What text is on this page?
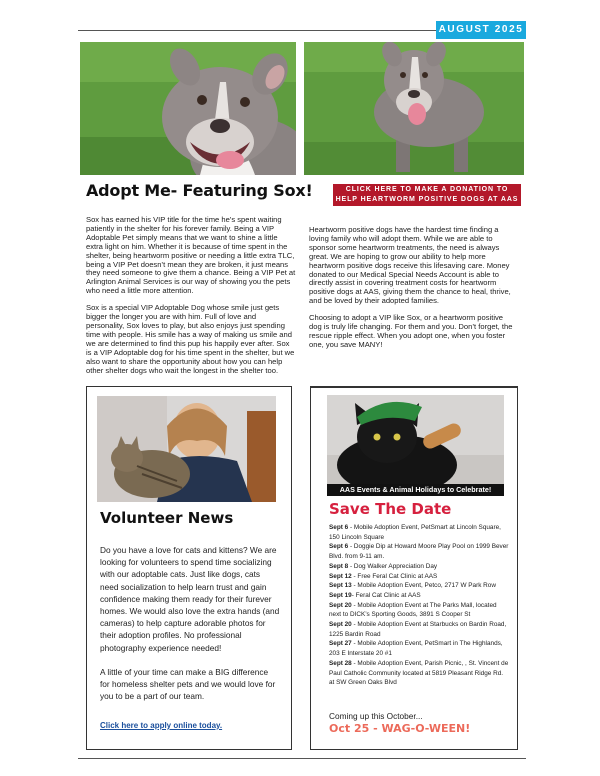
AUGUST 2025
Adopt Me- Featuring Sox!	CLICK HERE TO MAKE A DONATION TO
HELP HEARTWORM POSITIVE DOGS AT AAS

Sox has earned his VIP title for the time he’s spent waiting patiently in the shelter for his forever family. Being a VIP Adoptable Pet simply means that we want to shine a little extra light on him. Whether it is because of time spent in the shelter, being heartworm positive or needing a little extra TLC, being a VIP Pet doesn’t mean they are broken, it just means they need someone to give them a chance. Being a VIP Pet at Arlington Animal Services is our way of showing you the pets who need a little more attention.

Sox is a special VIP Adoptable Dog whose smile just gets bigger the longer you are with him. Full of love and personality, Sox loves to play, but also enjoys just spending time with people. His smile has a way of making us smile and we are determined to find this pup his happily ever after. Sox is a VIP Adoptable dog for his time spent in the shelter, but we also want to share the opportunity about how you can help other shelter dogs who wait the longest in the shelter too.

Heartworm positive dogs have the hardest time finding a loving family who will adopt them. While we are able to sponsor some heartworm treatments, the need is always great. We are hoping to grow our ability to help more heartworm positive dogs receive this lifesaving care. Money donated to our Medical Special Needs Account is able to directly assist in covering treatment costs for heartworm positive dogs at AAS, giving them the chance to heal, thrive, and be loved by their adopted families.

Choosing to adopt a VIP like Sox, or a heartworm positive dog is truly life changing. For them and you. Don’t forget, the rescue ripple effect. When you adopt one, when you foster one, you save MANY!

Volunteer News

Do you have a love for cats and kittens? We are looking for volunteers to spend time socializing with our adoptable cats. Just like dogs, cats need socialization to help learn trust and gain confidence making them ready for their furever homes. We would also love the extra hands (and cameras) to help capture adorable photos for their adoption profiles. No professional photography experience needed!

A little of your time can make a BIG difference for homeless shelter pets and we would love for you to be a part of our team.

Click here to apply online today.
AAS Events & Animal Holidays to Celebrate!
Save The Date
Sept 6 - Mobile Adoption Event, PetSmart at Lincoln Square, 150 Lincoln Square
Sept 6 - Doggie Dip at Howard Moore Play Pool on 1999 Bever Blvd. from 9-11 am.
Sept 8 - Dog Walker Appreciation Day
Sept 12 - Free Feral Cat Clinic at AAS
Sept 13 - Mobile Adoption Event, Petco, 2717 W Park Row
Sept 19- Feral Cat Clinic at AAS
Sept 20 - Mobile Adoption Event at The Parks Mall, located next to DICK’s Sporting Goods, 3891 S Cooper St
Sept 20 - Mobile Adoption Event at Starbucks on Bardin Road, 1225 Bardin Road
Sept 27 - Mobile Adoption Event, PetSmart in The Highlands, 203 E Interstate 20 #1
Sept 28 - Mobile Adoption Event, Parish Picnic, , St. Vincent de Paul Catholic Community located at 5819 Pleasant Ridge Rd. at SW Green Oaks Blvd
Coming up this October...
Oct 25 - WAG-O-WEEN!
